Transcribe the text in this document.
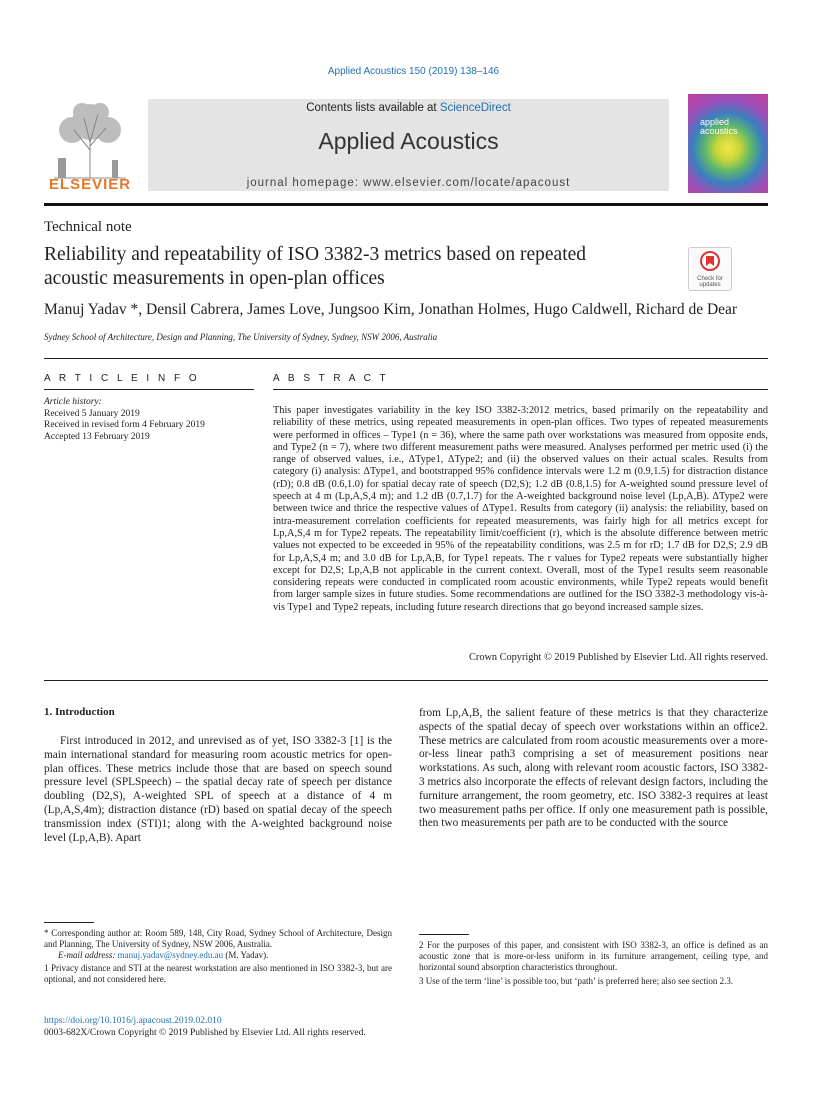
Applied Acoustics 150 (2019) 138–146
Contents lists available at ScienceDirect
Applied Acoustics
journal homepage: www.elsevier.com/locate/apacoust
ELSEVIER
applied acoustics
Technical note
Reliability and repeatability of ISO 3382-3 metrics based on repeated
acoustic measurements in open-plan offices	Check for updates
Manuj Yadav *, Densil Cabrera, James Love, Jungsoo Kim, Jonathan Holmes, Hugo Caldwell, Richard de Dear
Sydney School of Architecture, Design and Planning, The University of Sydney, Sydney, NSW 2006, Australia
A R T I C L E I N F O
Article history:
Received 5 January 2019
Received in revised form 4 February 2019
Accepted 13 February 2019
A B S T R A C T
This paper investigates variability in the key ISO 3382-3:2012 metrics, based primarily on the repeatability and reliability of these metrics, using repeated measurements in open-plan offices. Two types of repeated measurements were performed in offices – Type1 (n = 36), where the same path over workstations was measured from opposite ends, and Type2 (n = 7), where two different measurement paths were measured. Analyses performed per metric used (i) the range of observed values, i.e., ΔType1, ΔType2; and (ii) the observed values on their actual scales. Results from category (i) analysis: ΔType1, and bootstrapped 95% confidence intervals were 1.2 m (0.9,1.5) for distraction distance (rD); 0.8 dB (0.6,1.0) for spatial decay rate of speech (D2,S); 1.2 dB (0.8,1.5) for A-weighted sound pressure level of speech at 4 m (Lp,A,S,4 m); and 1.2 dB (0.7,1.7) for the A-weighted background noise level (Lp,A,B). ΔType2 were between twice and thrice the respective values of ΔType1. Results from category (ii) analysis: the reliability, based on intra-measurement correlation coefficients for repeated measurements, was fairly high for all metrics except for Lp,A,S,4 m for Type2 repeats. The repeatability limit/coefficient (r), which is the absolute difference between metric values not expected to be exceeded in 95% of the repeatability conditions, was 2.5 m for rD; 1.7 dB for D2,S; 2.9 dB for Lp,A,S,4 m; and 3.0 dB for Lp,A,B, for Type1 repeats. The r values for Type2 repeats were substantially higher except for D2,S; Lp,A,B not applicable in the current context. Overall, most of the Type1 results seem reasonable considering repeats were conducted in complicated room acoustic environments, while Type2 repeats would benefit from larger sample sizes in future studies. Some recommendations are outlined for the ISO 3382-3 methodology vis-à-vis Type1 and Type2 repeats, including future research directions that go beyond increased sample sizes.
Crown Copyright © 2019 Published by Elsevier Ltd. All rights reserved.
1. Introduction
First introduced in 2012, and unrevised as of yet, ISO 3382-3 [1] is the main international standard for measuring room acoustic metrics for open-plan offices. These metrics include those that are based on speech sound pressure level (SPLSpeech) – the spatial decay rate of speech per distance doubling (D2,S), A-weighted SPL of speech at a distance of 4 m (Lp,A,S,4m); distraction distance (rD) based on spatial decay of the speech transmission index (STI)1; along with the A-weighted background noise level (Lp,A,B). Apart
from Lp,A,B, the salient feature of these metrics is that they characterize aspects of the spatial decay of speech over workstations within an office2. These metrics are calculated from room acoustic measurements over a more-or-less linear path3 comprising a set of measurement positions near workstations. As such, along with relevant room acoustic factors, ISO 3382-3 metrics also incorporate the effects of relevant design factors, including the furniture arrangement, the room geometry, etc. ISO 3382-3 requires at least two measurement paths per office. If only one measurement path is possible, then two measurements per path are to be conducted with the source
* Corresponding author at: Room 589, 148, City Road, Sydney School of Architecture, Design and Planning, The University of Sydney, NSW 2006, Australia.
E-mail address: manuj.yadav@sydney.edu.au (M. Yadav).
1 Privacy distance and STI at the nearest workstation are also mentioned in ISO 3382-3, but are optional, and not considered here.
2 For the purposes of this paper, and consistent with ISO 3382-3, an office is defined as an acoustic zone that is more-or-less uniform in its furniture arrangement, ceiling type, and horizontal sound absorption characteristics throughout.
3 Use of the term ‘line’ is possible too, but ‘path’ is preferred here; also see section 2.3.
https://doi.org/10.1016/j.apacoust.2019.02.010
0003-682X/Crown Copyright © 2019 Published by Elsevier Ltd. All rights reserved.
